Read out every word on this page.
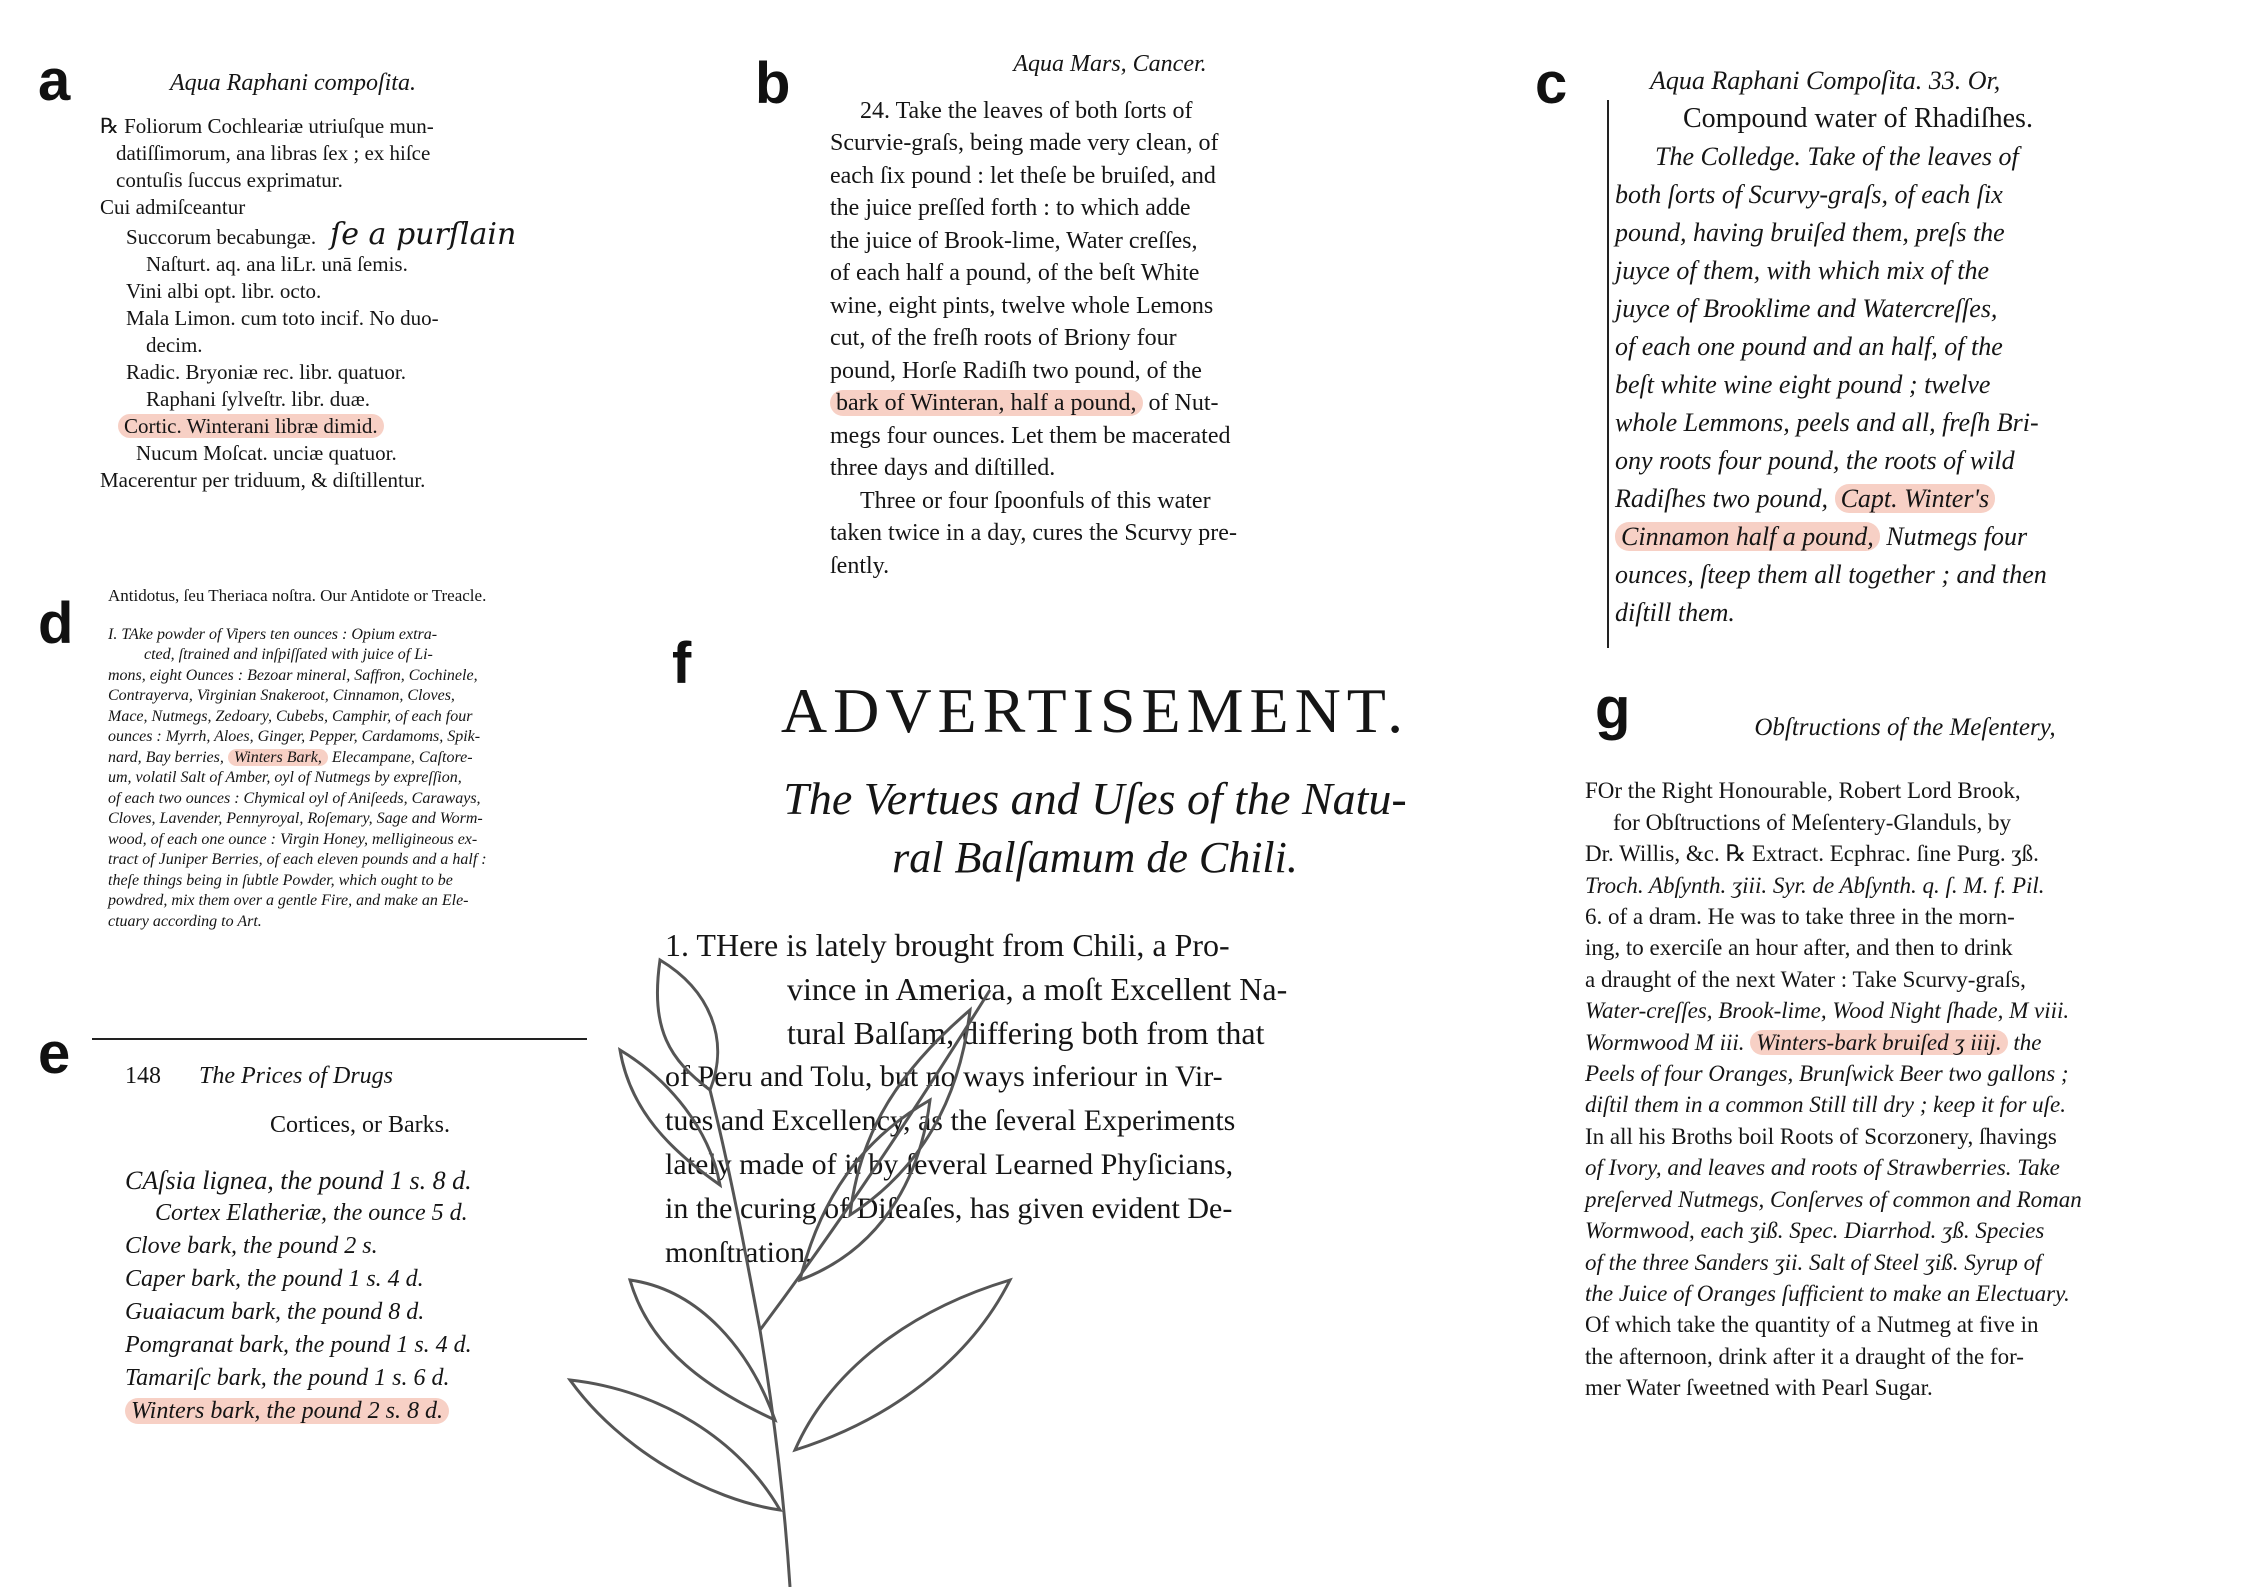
a	b	c
d
e
f
g
Aqua Raphani compoſita.
℞ Foliorum Cochleariæ utriuſque mun-
datiſſimorum, ana libras ſex ; ex hiſce
contuſis ſuccus exprimatur.
Cui admiſceantur
Succorum becabungæ. ſe a purſlain
Naſturt. aq. ana liLr. unā ſemis.
Vini albi opt. libr. octo.
Mala Limon. cum toto incif. No duo-
decim.
Radic. Bryoniæ rec. libr. quatuor.
Raphani ſylveſtr. libr. duæ.
Cortic. Winterani libræ dimid.
Nucum Moſcat. unciæ quatuor.
Macerentur per triduum, & diſtillentur.
Aqua Mars, Cancer.
24. Take the leaves of both ſorts of
Scurvie-graſs, being made very clean, of
each ſix pound : let theſe be bruiſed, and
the juice preſſed forth : to which adde
the juice of Brook-lime, Water creſſes,
of each half a pound, of the beſt White
wine, eight pints, twelve whole Lemons
cut, of the freſh roots of Briony four
pound, Horſe Radiſh two pound, of the
bark of Winteran, half a pound, of Nut-
megs four ounces. Let them be macerated
three days and diſtilled.
Three or four ſpoonfuls of this water
taken twice in a day, cures the Scurvy pre-
ſently.
Aqua Raphani Compoſita. 33. Or,
Compound water of Rhadiſhes.
The Colledge. Take of the leaves of
both ſorts of Scurvy-graſs, of each ſix
pound, having bruiſed them, preſs the
juyce of them, with which mix of the
juyce of Brooklime and Watercreſſes,
of each one pound and an half, of the
beſt white wine eight pound ; twelve
whole Lemmons, peels and all, freſh Bri-
ony roots four pound, the roots of wild
Radiſhes two pound, Capt. Winter's
Cinnamon half a pound, Nutmegs four
ounces, ſteep them all together ; and then
diſtill them.
Antidotus, ſeu Theriaca noſtra. Our Antidote or Treacle.
I. TAke powder of Vipers ten ounces : Opium extra-
cted, ſtrained and inſpiſſated with juice of Li-
mons, eight Ounces : Bezoar mineral, Saffron, Cochinele,
Contrayerva, Virginian Snakeroot, Cinnamon, Cloves,
Mace, Nutmegs, Zedoary, Cubebs, Camphir, of each four
ounces : Myrrh, Aloes, Ginger, Pepper, Cardamoms, Spik-
nard, Bay berries, Winters Bark, Elecampane, Caſtore-
um, volatil Salt of Amber, oyl of Nutmegs by expreſſion,
of each two ounces : Chymical oyl of Aniſeeds, Caraways,
Cloves, Lavender, Pennyroyal, Roſemary, Sage and Worm-
wood, of each one ounce : Virgin Honey, melligineous ex-
tract of Juniper Berries, of each eleven pounds and a half :
theſe things being in ſubtle Powder, which ought to be
powdred, mix them over a gentle Fire, and make an Ele-
ctuary according to Art.
148 The Prices of Drugs
Cortices, or Barks.
CAſsia lignea, the pound 1 s. 8 d.
Cortex Elatheriæ, the ounce 5 d.
Clove bark, the pound 2 s.
Caper bark, the pound 1 s. 4 d.
Guaiacum bark, the pound 8 d.
Pomgranat bark, the pound 1 s. 4 d.
Tamariſc bark, the pound 1 s. 6 d.
Winters bark, the pound 2 s. 8 d.
ADVERTISEMENT.
The Vertues and Uſes of the Natu-
ral Balſamum de Chili.
1. THere is lately brought from Chili, a Pro-
vince in America, a moſt Excellent Na-
tural Balſam, differing both from that
of Peru and Tolu, but no ways inferiour in Vir-
tues and Excellency, as the ſeveral Experiments
lately made of it by ſeveral Learned Phyſicians,
in the curing of Diſeaſes, has given evident De-
monſtration.
Obſtructions of the Meſentery,
FOr the Right Honourable, Robert Lord Brook,
for Obſtructions of Meſentery-Glanduls, by
Dr. Willis, &c. ℞ Extract. Ecphrac. ſine Purg. ʒß.
Troch. Abſynth. ʒiii. Syr. de Abſynth. q. ſ. M. f. Pil.
6. of a dram. He was to take three in the morn-
ing, to exerciſe an hour after, and then to drink
a draught of the next Water : Take Scurvy-graſs,
Water-creſſes, Brook-lime, Wood Night ſhade, M viii.
Wormwood M iii. Winters-bark bruiſed ʒ iiij. the
Peels of four Oranges, Brunſwick Beer two gallons ;
diſtil them in a common Still till dry ; keep it for uſe.
In all his Broths boil Roots of Scorzonery, ſhavings
of Ivory, and leaves and roots of Strawberries. Take
preſerved Nutmegs, Conſerves of common and Roman
Wormwood, each ʒiß. Spec. Diarrhod. ʒß. Species
of the three Sanders ʒii. Salt of Steel ʒiß. Syrup of
the Juice of Oranges ſufficient to make an Electuary.
Of which take the quantity of a Nutmeg at five in
the afternoon, drink after it a draught of the for-
mer Water ſweetned with Pearl Sugar.
